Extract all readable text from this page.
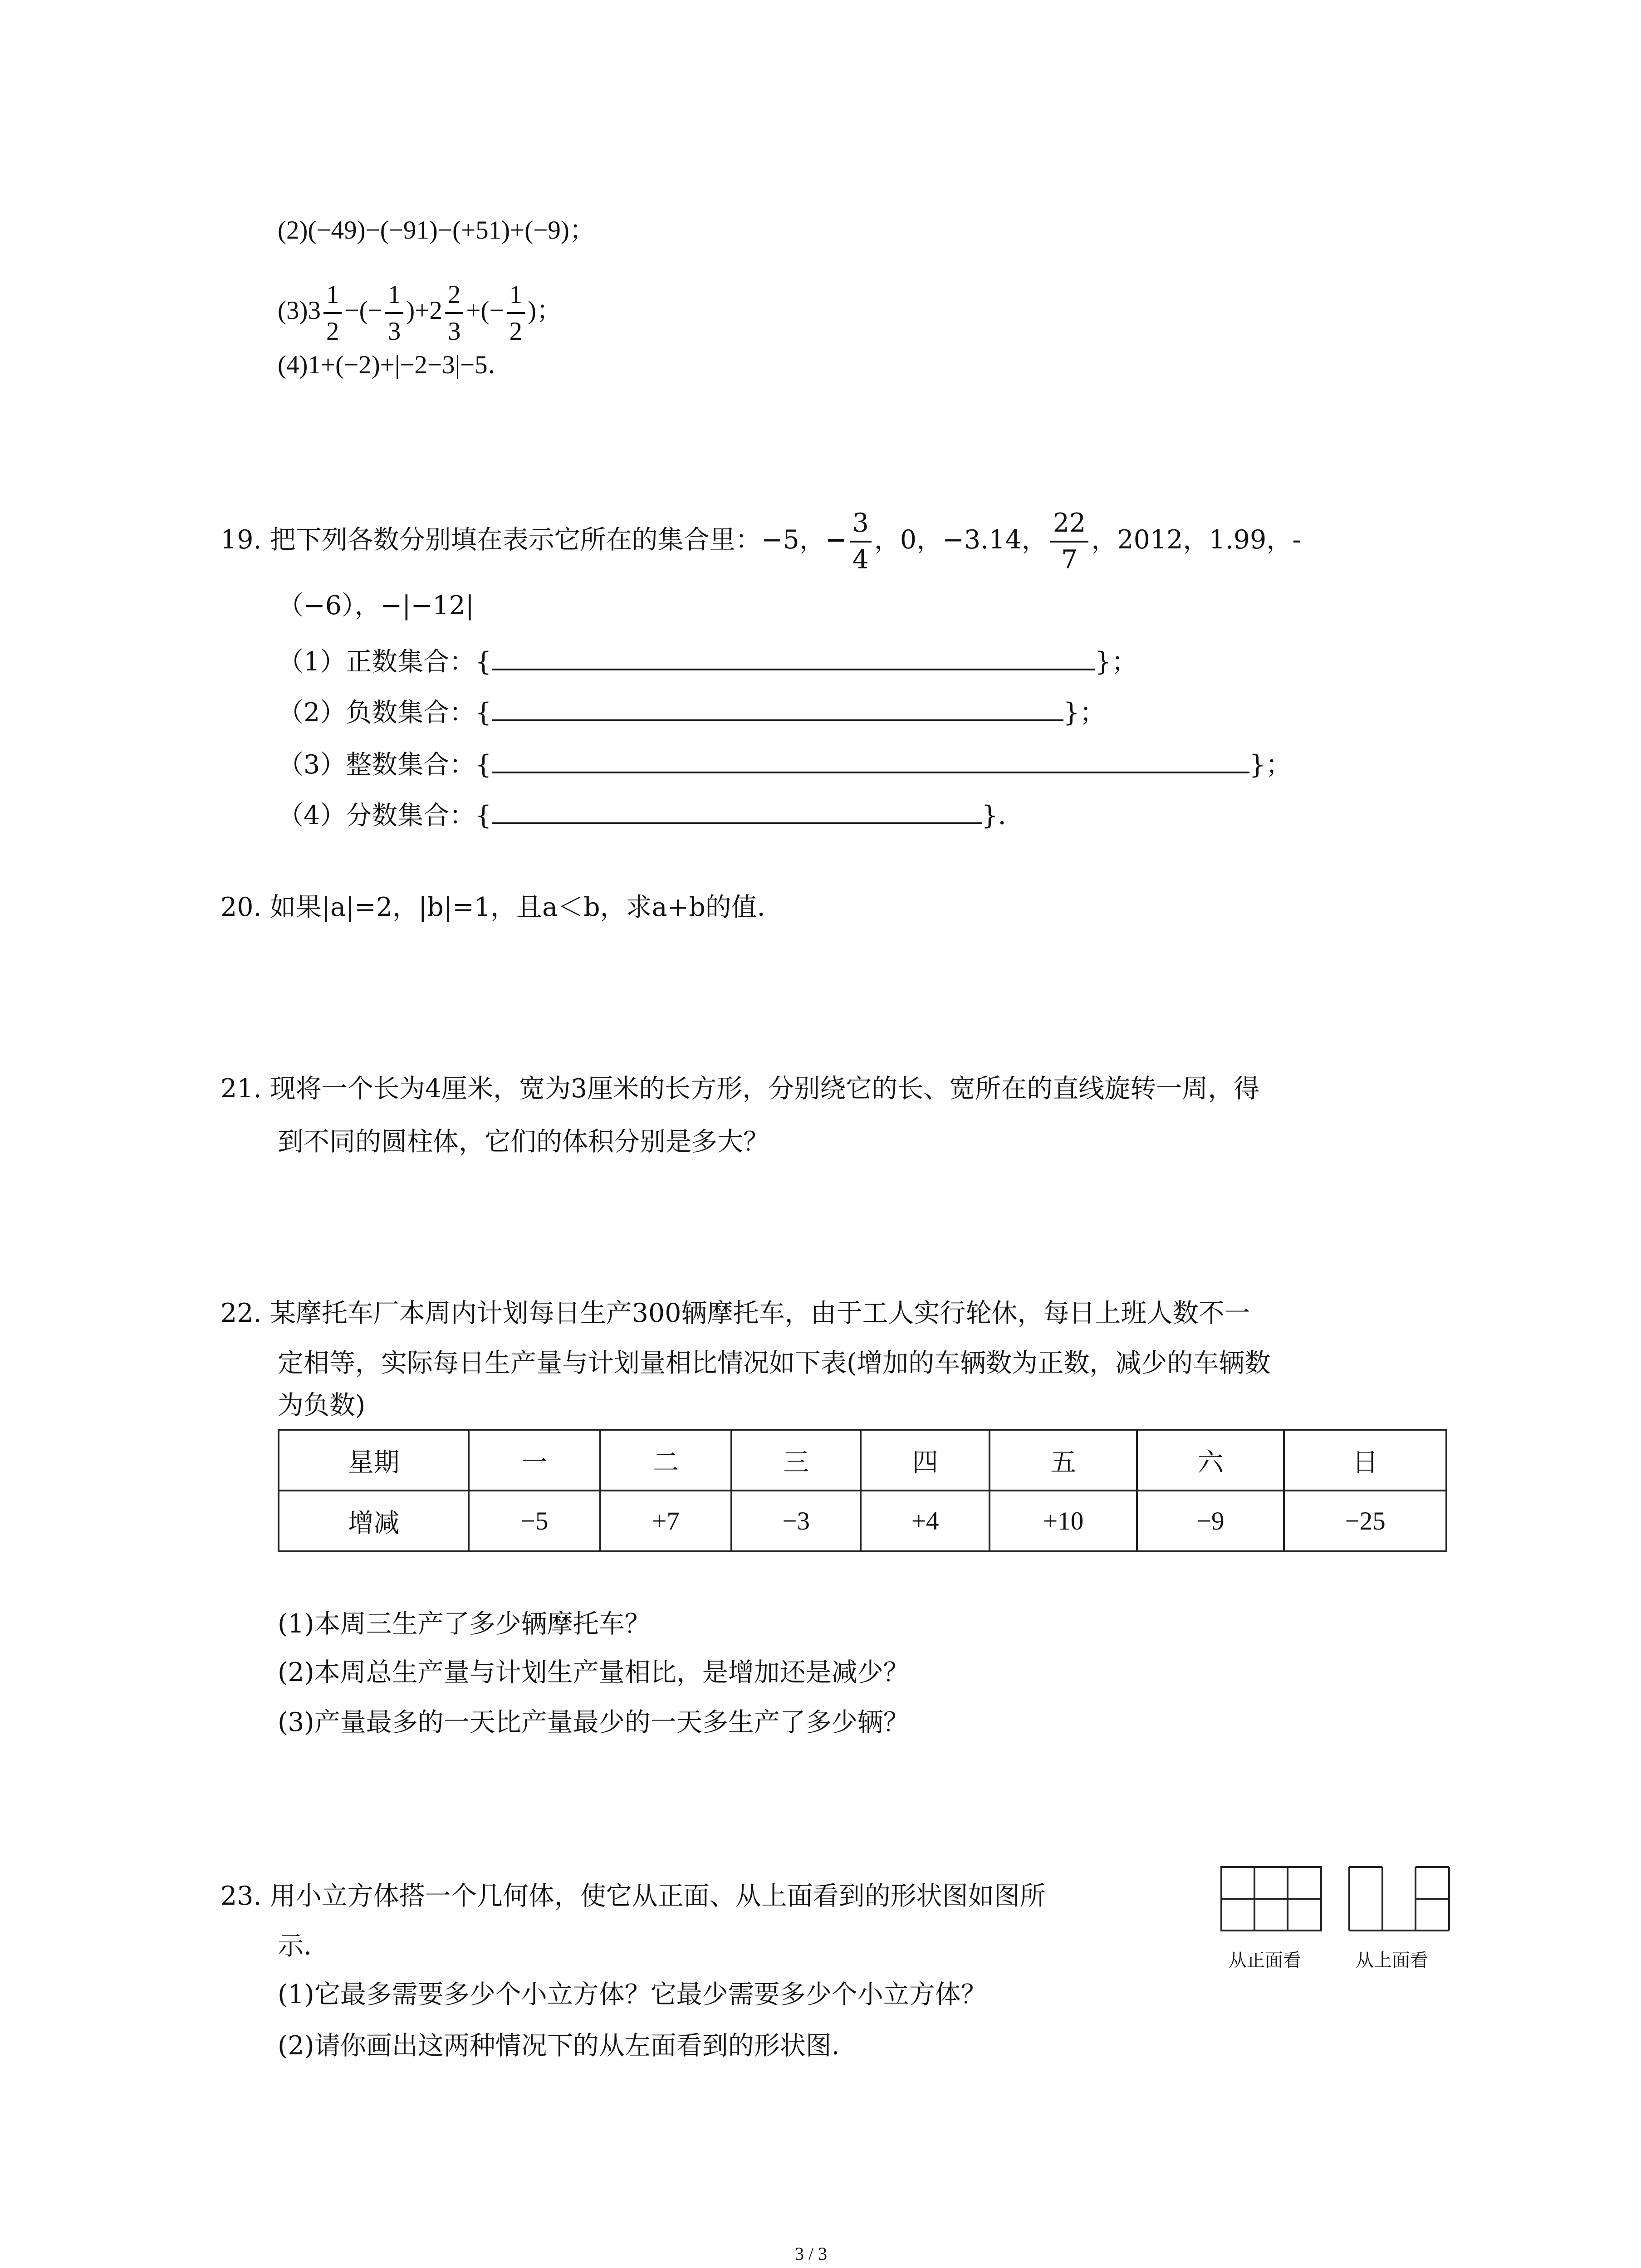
(2)(−49)−(−91)−(+51)+(−9)；
$(3)3 \frac{1}{2}$ −(− $\frac{1}{3} )+2 \frac{2}{3}$ +(− $\frac{1}{2}$ )；
(4)1+(−2)+|−2−3|−5．
19. 把下列各数分别填在表示它所在的集合里：−5，− $\frac{3}{4}$ ，0，−3.14， $\frac{22}{7}$ ，2012，1.99，-
（−6），−|−12|
（1）正数集合：{	}；
（2）负数集合：{	}；
（3）整数集合：{	}；
（4）分数集合：{	}．
20. 如果|a|=2，|b|=1，且a＜b，求a+b的值．
21. 现将一个长为4厘米，宽为3厘米的长方形，分别绕它的长、宽所在的直线旋转一周，得
到不同的圆柱体，它们的体积分别是多大？
22. 某摩托车厂本周内计划每日生产300辆摩托车，由于工人实行轮休，每日上班人数不一
定相等，实际每日生产量与计划量相比情况如下表(增加的车辆数为正数，减少的车辆数
为负数)
星期	一	二	三	四	五	六	日
增减	−5	+7	−3	+4	+10	−9	−25
(1)本周三生产了多少辆摩托车？
(2)本周总生产量与计划生产量相比，是增加还是减少？
(3)产量最多的一天比产量最少的一天多生产了多少辆？
23. 用小立方体搭一个几何体，使它从正面、从上面看到的形状图如图所
示．
(1)它最多需要多少个小立方体？它最少需要多少个小立方体？
(2)请你画出这两种情况下的从左面看到的形状图．
从正面看	从上面看
3 / 3
